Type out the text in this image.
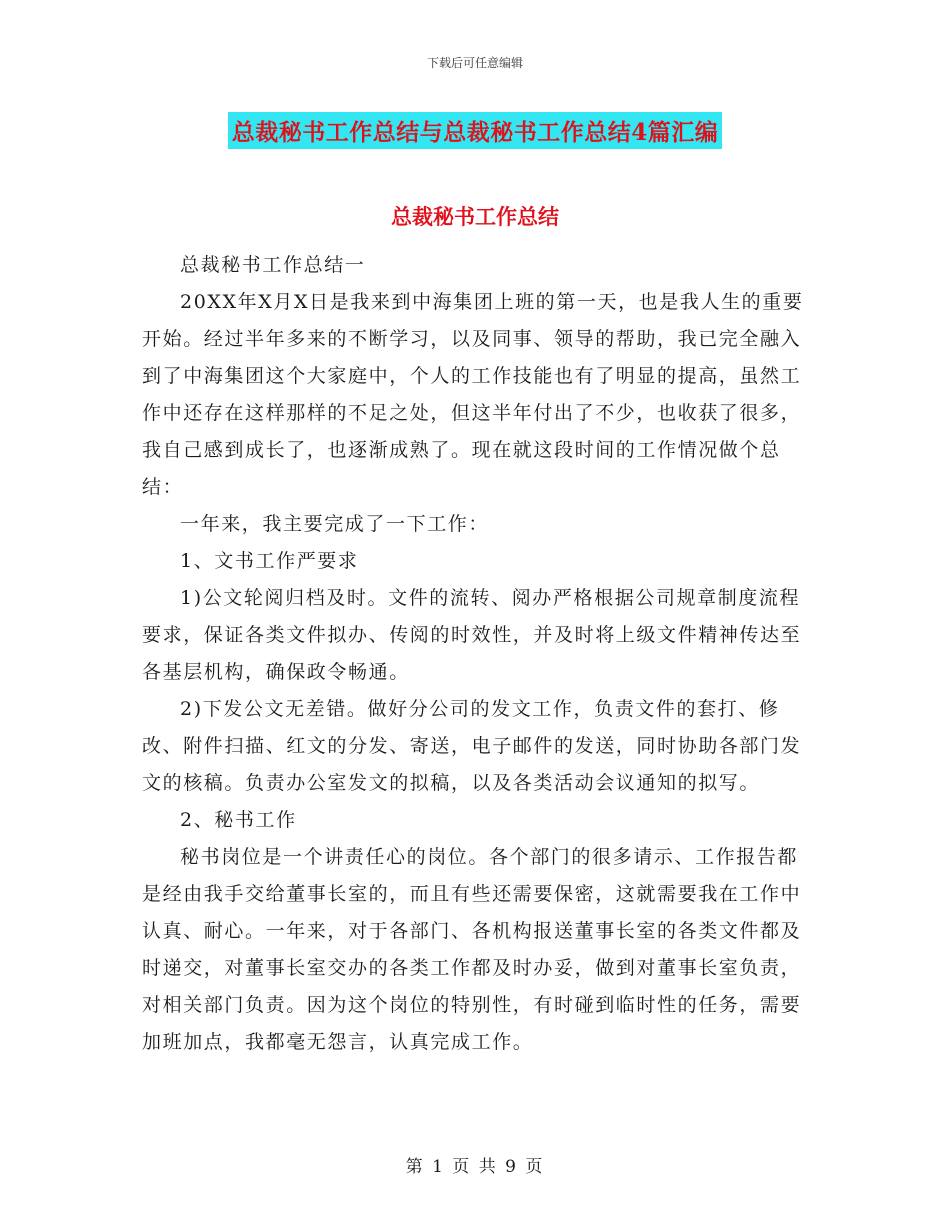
下载后可任意编辑
总裁秘书工作总结与总裁秘书工作总结4篇汇编
总裁秘书工作总结

总裁秘书工作总结一

20XX年X月X日是我来到中海集团上班的第一天，也是我人生的重要开始。经过半年多来的不断学习，以及同事、领导的帮助，我已完全融入到了中海集团这个大家庭中，个人的工作技能也有了明显的提高，虽然工作中还存在这样那样的不足之处，但这半年付出了不少，也收获了很多，我自己感到成长了，也逐渐成熟了。现在就这段时间的工作情况做个总结：

一年来，我主要完成了一下工作：

1、文书工作严要求

1)公文轮阅归档及时。文件的流转、阅办严格根据公司规章制度流程要求，保证各类文件拟办、传阅的时效性，并及时将上级文件精神传达至各基层机构，确保政令畅通。

2)下发公文无差错。做好分公司的发文工作，负责文件的套打、修改、附件扫描、红文的分发、寄送，电子邮件的发送，同时协助各部门发文的核稿。负责办公室发文的拟稿，以及各类活动会议通知的拟写。

2、秘书工作

秘书岗位是一个讲责任心的岗位。各个部门的很多请示、工作报告都是经由我手交给董事长室的，而且有些还需要保密，这就需要我在工作中认真、耐心。一年来，对于各部门、各机构报送董事长室的各类文件都及时递交，对董事长室交办的各类工作都及时办妥，做到对董事长室负责，对相关部门负责。因为这个岗位的特别性，有时碰到临时性的任务，需要加班加点，我都毫无怨言，认真完成工作。

第 1 页 共 9 页
